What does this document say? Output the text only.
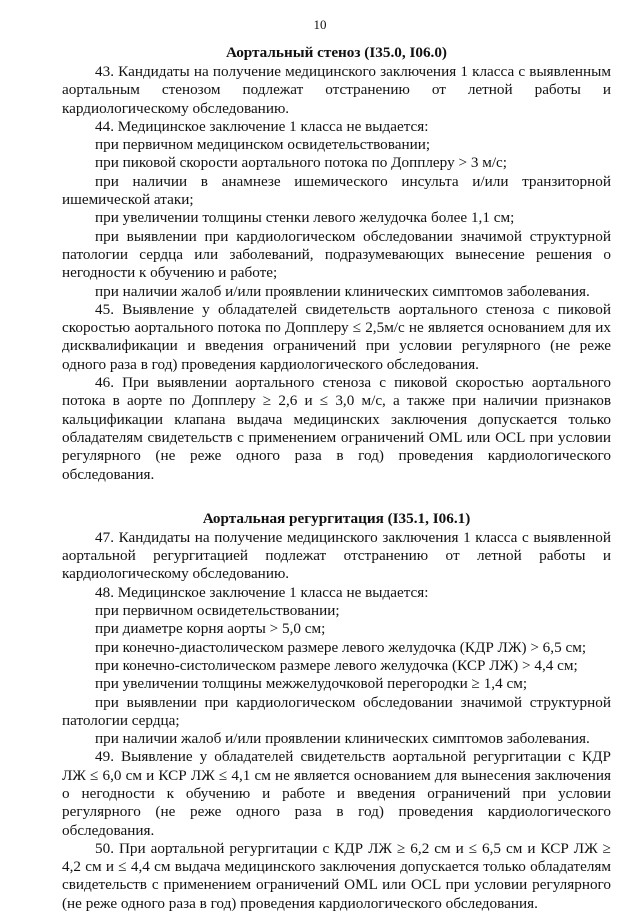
10
Аортальный стеноз (I35.0, I06.0)

43. Кандидаты на получение медицинского заключения 1 класса с выявленным аортальным стенозом подлежат отстранению от летной работы и кардиологическому обследованию.

44. Медицинское заключение 1 класса не выдается:

при первичном медицинском освидетельствовании;

при пиковой скорости аортального потока по Допплеру > 3 м/с;

при наличии в анамнезе ишемического инсульта и/или транзиторной ишемической атаки;

при увеличении толщины стенки левого желудочка более 1,1 см;

при выявлении при кардиологическом обследовании значимой структурной патологии сердца или заболеваний, подразумевающих вынесение решения о негодности к обучению и работе;

при наличии жалоб и/или проявлении клинических симптомов заболевания.

45. Выявление у обладателей свидетельств аортального стеноза с пиковой скоростью аортального потока по Допплеру ≤ 2,5м/с не является основанием для их дисквалификации и введения ограничений при условии регулярного (не реже одного раза в год) проведения кардиологического обследования.

46. При выявлении аортального стеноза с пиковой скоростью аортального потока в аорте по Допплеру ≥ 2,6 и ≤ 3,0 м/с, а также при наличии признаков кальцификации клапана выдача медицинских заключения допускается только обладателям свидетельств с применением ограничений OML или OCL при условии регулярного (не реже одного раза в год) проведения кардиологического обследования.

Аортальная регургитация (I35.1, I06.1)

47. Кандидаты на получение медицинского заключения 1 класса с выявленной аортальной регургитацией подлежат отстранению от летной работы и кардиологическому обследованию.

48. Медицинское заключение 1 класса не выдается:

при первичном освидетельствовании;

при диаметре корня аорты > 5,0 см;

при конечно-диастолическом размере левого желудочка (КДР ЛЖ) > 6,5 см;

при конечно-систолическом размере левого желудочка (КСР ЛЖ) > 4,4 см;

при увеличении толщины межжелудочковой перегородки ≥ 1,4 см;

при выявлении при кардиологическом обследовании значимой структурной патологии сердца;

при наличии жалоб и/или проявлении клинических симптомов заболевания.

49. Выявление у обладателей свидетельств аортальной регургитации с КДР ЛЖ ≤ 6,0 см и КСР ЛЖ ≤ 4,1 см не является основанием для вынесения заключения о негодности к обучению и работе и введения ограничений при условии регулярного (не реже одного раза в год) проведения кардиологического обследования.

50. При аортальной регургитации с КДР ЛЖ ≥ 6,2 см и ≤ 6,5 см и КСР ЛЖ ≥ 4,2 см и ≤ 4,4 см выдача медицинского заключения допускается только обладателям свидетельств с применением ограничений OML или OCL при условии регулярного (не реже одного раза в год) проведения кардиологического обследования.
